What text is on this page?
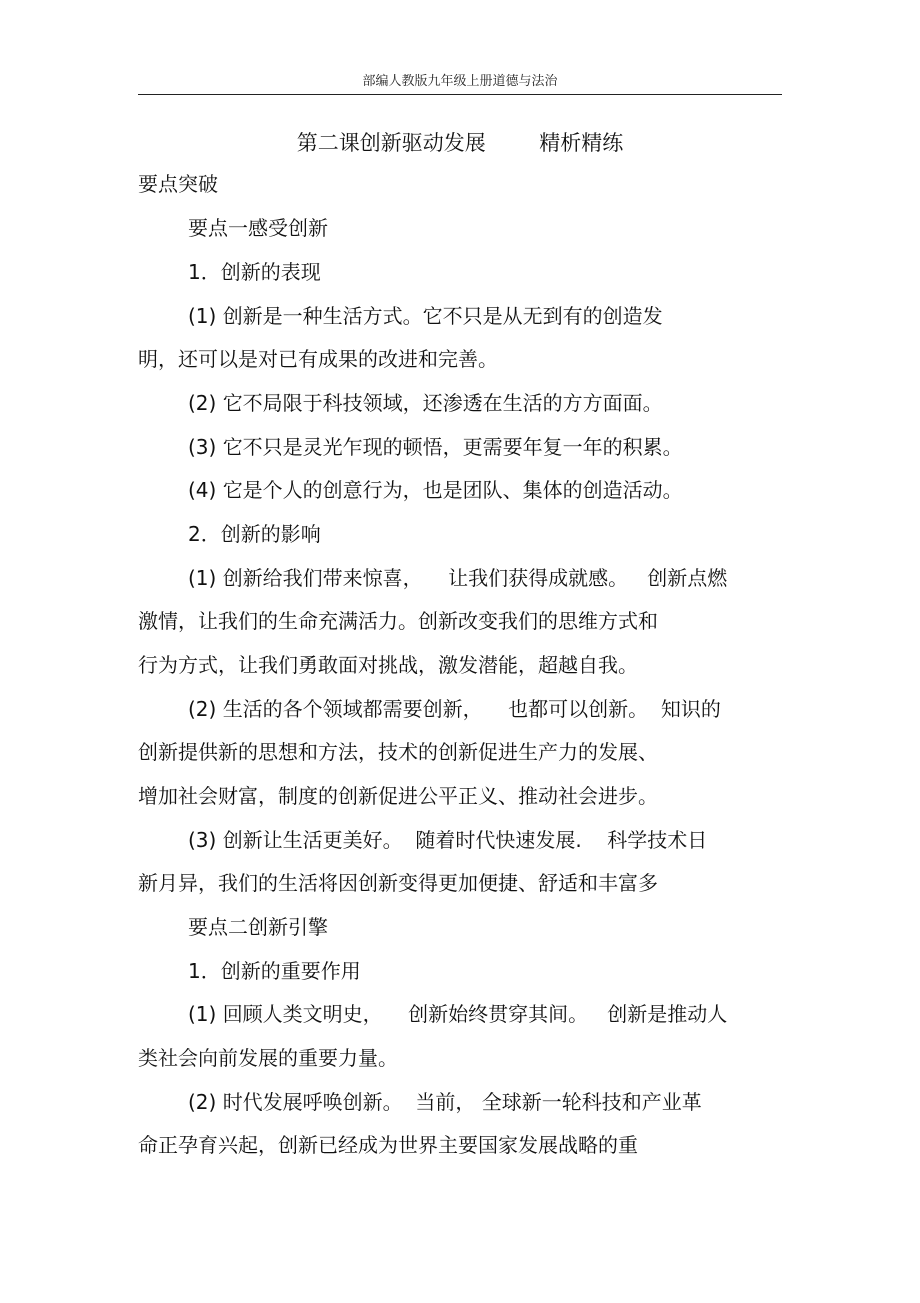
部编人教版九年级上册道德与法治
第二课创新驱动发展        精析精练
要点突破
要点一感受创新
1．创新的表现
(1) 创新是一种生活方式。它不只是从无到有的创造发
明，还可以是对已有成果的改进和完善。
(2) 它不局限于科技领域，还渗透在生活的方方面面。
(3) 它不只是灵光乍现的顿悟，更需要年复一年的积累。
(4) 它是个人的创意行为，也是团队、集体的创造活动。
2．创新的影响
(1) 创新给我们带来惊喜，    让我们获得成就感。   创新点燃
激情，让我们的生命充满活力。创新改变我们的思维方式和
行为方式，让我们勇敢面对挑战，激发潜能，超越自我。
(2) 生活的各个领域都需要创新，    也都可以创新。  知识的
创新提供新的思想和方法，技术的创新促进生产力的发展、
增加社会财富，制度的创新促进公平正义、推动社会进步。
(3) 创新让生活更美好。  随着时代快速发展.    科学技术日
新月异，我们的生活将因创新变得更加便捷、舒适和丰富多
要点二创新引擎
1．创新的重要作用
(1) 回顾人类文明史，    创新始终贯穿其间。   创新是推动人
类社会向前发展的重要力量。
(2) 时代发展呼唤创新。  当前， 全球新一轮科技和产业革
命正孕育兴起，创新已经成为世界主要国家发展战略的重
